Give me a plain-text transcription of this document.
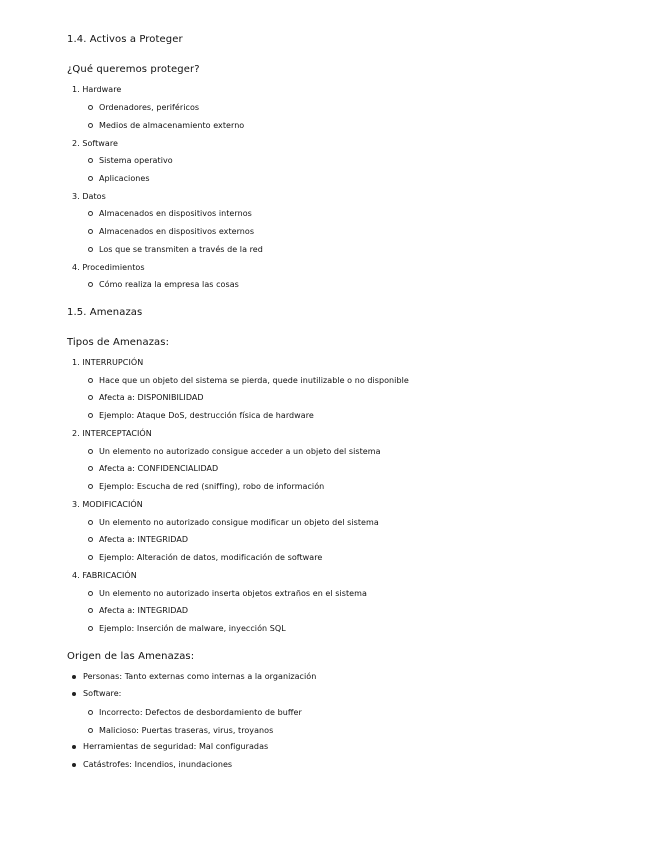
1.4. Activos a Proteger
¿Qué queremos proteger?
1. Hardware
Ordenadores, periféricos
Medios de almacenamiento externo
2. Software
Sistema operativo
Aplicaciones
3. Datos
Almacenados en dispositivos internos
Almacenados en dispositivos externos
Los que se transmiten a través de la red
4. Procedimientos
Cómo realiza la empresa las cosas
1.5. Amenazas
Tipos de Amenazas:
1. INTERRUPCIÓN
Hace que un objeto del sistema se pierda, quede inutilizable o no disponible
Afecta a: DISPONIBILIDAD
Ejemplo: Ataque DoS, destrucción física de hardware
2. INTERCEPTACIÓN
Un elemento no autorizado consigue acceder a un objeto del sistema
Afecta a: CONFIDENCIALIDAD
Ejemplo: Escucha de red (sniffing), robo de información
3. MODIFICACIÓN
Un elemento no autorizado consigue modificar un objeto del sistema
Afecta a: INTEGRIDAD
Ejemplo: Alteración de datos, modificación de software
4. FABRICACIÓN
Un elemento no autorizado inserta objetos extraños en el sistema
Afecta a: INTEGRIDAD
Ejemplo: Inserción de malware, inyección SQL
Origen de las Amenazas:
Personas: Tanto externas como internas a la organización
Software:
Incorrecto: Defectos de desbordamiento de buffer
Malicioso: Puertas traseras, virus, troyanos
Herramientas de seguridad: Mal configuradas
Catástrofes: Incendios, inundaciones
